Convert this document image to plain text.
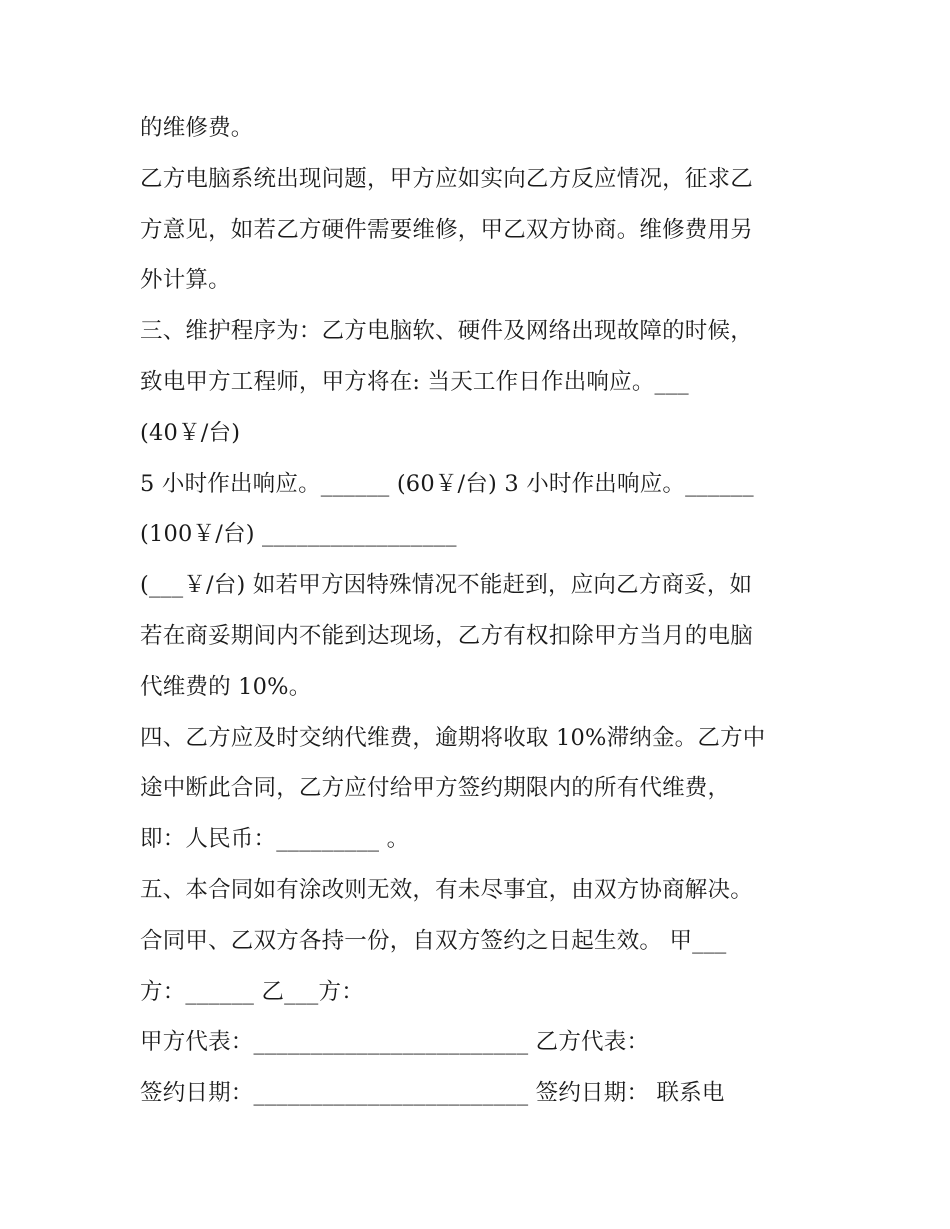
的维修费。
乙方电脑系统出现问题，甲方应如实向乙方反应情况，征求乙
方意见，如若乙方硬件需要维修，甲乙双方协商。维修费用另
外计算。
三、维护程序为：乙方电脑软、硬件及网络出现故障的时候，
致电甲方工程师，甲方将在: 当天工作日作出响应。___
(40￥/台)
5 小时作出响应。______ (60￥/台) 3 小时作出响应。______
(100￥/台) _________________
(___￥/台) 如若甲方因特殊情况不能赶到，应向乙方商妥，如
若在商妥期间内不能到达现场，乙方有权扣除甲方当月的电脑
代维费的 10%。
四、乙方应及时交纳代维费，逾期将收取 10%滞纳金。乙方中
途中断此合同，乙方应付给甲方签约期限内的所有代维费，
即：人民币：_________ 。
五、本合同如有涂改则无效，有未尽事宜，由双方协商解决。
合同甲、乙双方各持一份，自双方签约之日起生效。 甲___
方：______ 乙___方：
甲方代表：________________________ 乙方代表：
签约日期：________________________ 签约日期： 联系电
